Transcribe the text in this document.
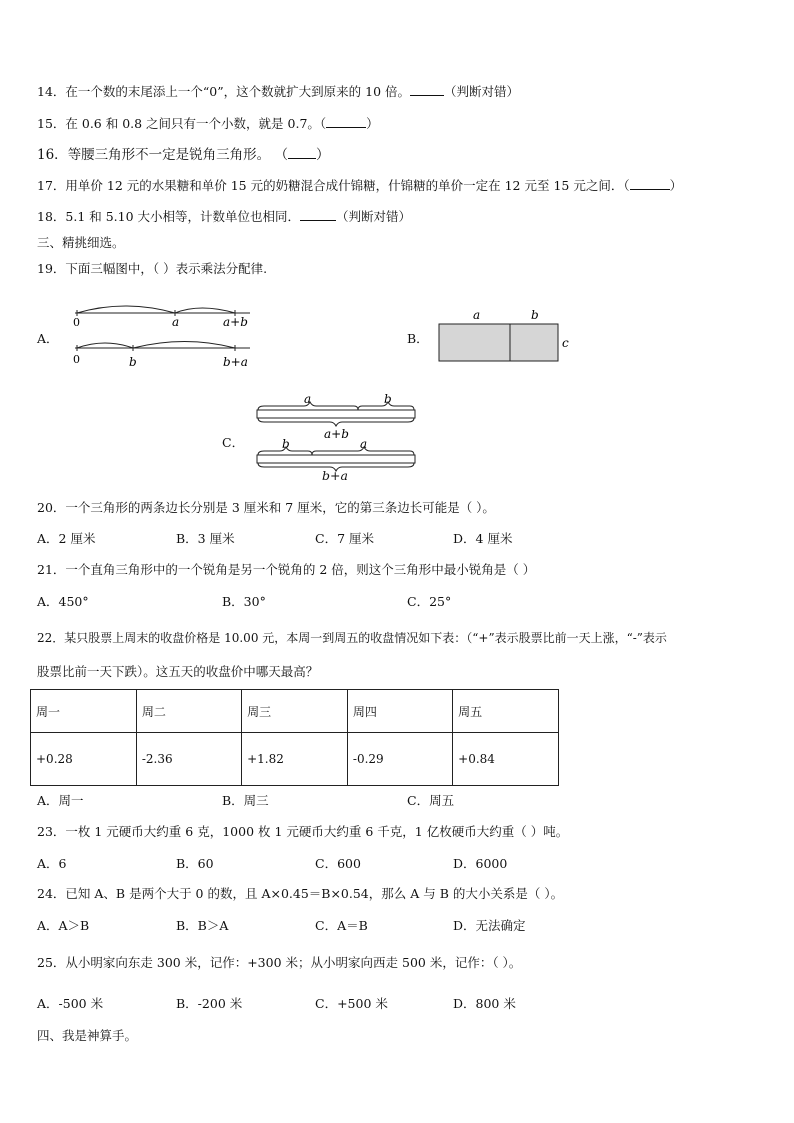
14．在一个数的末尾添上一个“0”，这个数就扩大到原来的 10 倍。	（判断对错）
15．在 0.6 和 0.8 之间只有一个小数，就是 0.7。（	）
16．等腰三角形不一定是锐角三角形。 （ ）
17．用单价 12 元的水果糖和单价 15 元的奶糖混合成什锦糖，什锦糖的单价一定在 12 元至 15 元之间．（	）
18．5.1 和 5.10 大小相等，计数单位也相同．	（判断对错）
三、精挑细选。
19．下面三幅图中，（ ）表示乘法分配律.
A．	B．
C．
0	a	a+b
0	b	b+a
a	b
c
a	b
a+b
b	a
b+a
20．一个三角形的两条边长分别是 3 厘米和 7 厘米，它的第三条边长可能是（ ）。
A．2 厘米	B．3 厘米	C．7 厘米	D．4 厘米
21．一个直角三角形中的一个锐角是另一个锐角的 2 倍，则这个三角形中最小锐角是（ ）
A．450°	B．30°	C．25°
22．某只股票上周末的收盘价格是 10.00 元，本周一到周五的收盘情况如下表：（“+”表示股票比前一天上涨，“-”表示
股票比前一天下跌）。这五天的收盘价中哪天最高？
周一	周二	周三	周四	周五
+0.28	-2.36	+1.82	-0.29	+0.84
A．周一	B．周三	C．周五
23．一枚 1 元硬币大约重 6 克，1000 枚 1 元硬币大约重 6 千克，1 亿枚硬币大约重（ ）吨。
A．6	B．60	C．600	D．6000
24．已知 A、B 是两个大于 0 的数，且 A×0.45＝B×0.54，那么 A 与 B 的大小关系是（ ）。
A．A＞B	B．B＞A	C．A＝B	D．无法确定
25．从小明家向东走 300 米，记作：+300 米；从小明家向西走 500 米，记作：（ ）。
A．-500 米	B．-200 米	C．+500 米	D．800 米
四、我是神算手。
